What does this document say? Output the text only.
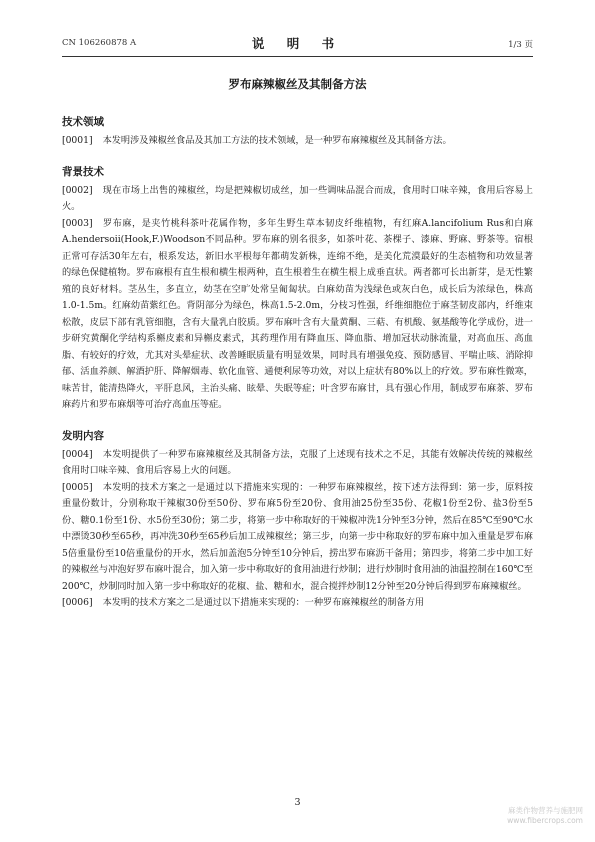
CN 106260878 A	说 明 书	1/3 页
罗布麻辣椒丝及其制备方法
技术领域

[0001] 本发明涉及辣椒丝食品及其加工方法的技术领域，是一种罗布麻辣椒丝及其制备方法。

背景技术

[0002] 现在市场上出售的辣椒丝，均是把辣椒切成丝，加一些调味品混合而成，食用时口味辛辣，食用后容易上火。

[0003] 罗布麻，是夹竹桃科茶叶花属作物，多年生野生草本韧皮纤维植物，有红麻A.lancifolium Rus和白麻A.hendersoii(Hook,F.)Woodson不同品种。罗布麻的别名很多，如茶叶花、茶棵子、漆麻、野麻、野茶等。宿根正常可存活30年左右，根系发达，新旧水平根每年都萌发新株，连绵不绝，是美化荒漠最好的生态植物和功效显著的绿色保健植物。罗布麻根有直生根和横生根两种，直生根着生在横生根上成垂直状。两者都可长出新芽，是无性繁殖的良好材料。茎丛生，多直立，幼茎在空旷处常呈匍匐状。白麻幼苗为浅绿色或灰白色，成长后为浓绿色，株高1.0-1.5m。红麻幼苗紫红色。背阴部分为绿色，株高1.5-2.0m，分枝习性强，纤维细胞位于麻茎韧皮部内，纤维束松散，皮层下部有乳管细胞，含有大量乳白胶质。罗布麻叶含有大量黄酮、三萜、有机酸、氨基酸等化学成份，进一步研究黄酮化学结构系槲皮素和异槲皮素式，其药理作用有降血压、降血脂、增加冠状动脉流量，对高血压、高血脂、有较好的疗效，尤其对头晕症状、改善睡眠质量有明显效果，同时具有增强免疫、预防感冒、平喘止咳、消除抑郁、活血养颜、解酒护肝、降解烟毒、软化血管、通便利尿等功效，对以上症状有80%以上的疗效。罗布麻性微寒，味苦甘，能清热降火，平肝息风，主治头痛、眩晕、失眠等症；叶含罗布麻甘，具有强心作用，制成罗布麻茶、罗布麻药片和罗布麻烟等可治疗高血压等症。

发明内容

[0004] 本发明提供了一种罗布麻辣椒丝及其制备方法，克服了上述现有技术之不足，其能有效解决传统的辣椒丝食用时口味辛辣、食用后容易上火的问题。

[0005] 本发明的技术方案之一是通过以下措施来实现的：一种罗布麻辣椒丝，按下述方法得到：第一步，原料按重量份数计，分别称取干辣椒30份至50份、罗布麻5份至20份、食用油25份至35份、花椒1份至2份、盐3份至5份、糖0.1份至1份、水5份至30份；第二步，将第一步中称取好的干辣椒冲洗1分钟至3分钟，然后在85℃至90℃水中漂烫30秒至65秒，再冲洗30秒至65秒后加工成辣椒丝；第三步，向第一步中称取好的罗布麻中加入重量是罗布麻5倍重量份至10倍重量份的开水，然后加盖泡5分钟至10分钟后，捞出罗布麻沥干备用；第四步，将第二步中加工好的辣椒丝与冲泡好罗布麻叶混合，加入第一步中称取好的食用油进行炒制；进行炒制时食用油的油温控制在160℃至200℃，炒制同时加入第一步中称取好的花椒、盐、糖和水，混合搅拌炒制12分钟至20分钟后得到罗布麻辣椒丝。

[0006] 本发明的技术方案之二是通过以下措施来实现的：一种罗布麻辣椒丝的制备方用

3
麻类作物营养与施肥网
www.fibercrops.com
